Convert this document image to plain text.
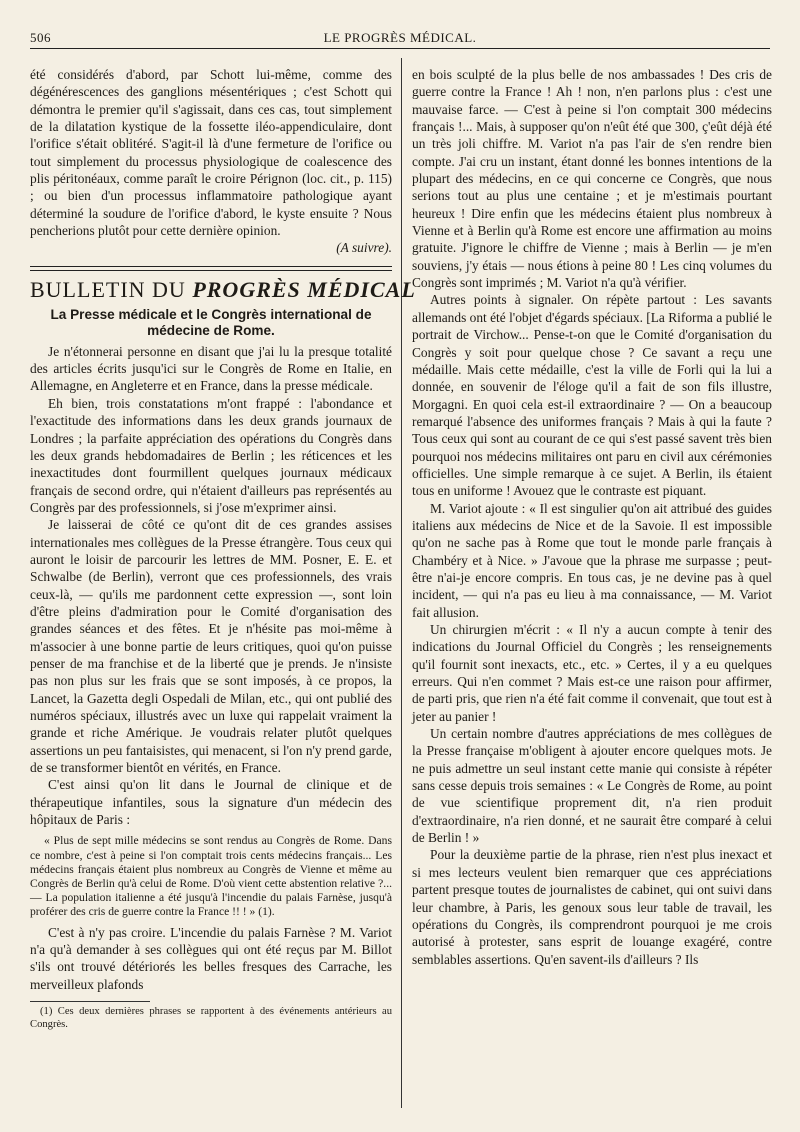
506	LE PROGRÈS MÉDICAL.

été considérés d'abord, par Schott lui-même, comme des dégénérescences des ganglions mésentériques ; c'est Schott qui démontra le premier qu'il s'agissait, dans ces cas, tout simplement de la dilatation kystique de la fossette iléo-appendiculaire, dont l'orifice s'était oblitéré. S'agit-il là d'une fermeture de l'orifice ou tout simplement du processus physiologique de coalescence des plis péritonéaux, comme paraît le croire Pérignon (loc. cit., p. 115) ; ou bien d'un processus inflammatoire pathologique ayant déterminé la soudure de l'orifice d'abord, le kyste ensuite ? Nous pencherions plutôt pour cette dernière opinion.

(A suivre).
BULLETIN DU PROGRÈS MÉDICAL
La Presse médicale et le Congrès international de médecine de Rome.

Je n'étonnerai personne en disant que j'ai lu la presque totalité des articles écrits jusqu'ici sur le Congrès de Rome en Italie, en Allemagne, en Angleterre et en France, dans la presse médicale.

Eh bien, trois constatations m'ont frappé : l'abondance et l'exactitude des informations dans les deux grands journaux de Londres ; la parfaite appréciation des opérations du Congrès dans les deux grands hebdomadaires de Berlin ; les réticences et les inexactitudes dont fourmillent quelques journaux médicaux français de second ordre, qui n'étaient d'ailleurs pas représentés au Congrès par des professionnels, si j'ose m'exprimer ainsi.

Je laisserai de côté ce qu'ont dit de ces grandes assises internationales mes collègues de la Presse étrangère. Tous ceux qui auront le loisir de parcourir les lettres de MM. Posner, E. E. et Schwalbe (de Berlin), verront que ces professionnels, des vrais ceux-là, — qu'ils me pardonnent cette expression —, sont loin d'être pleins d'admiration pour le Comité d'organisation des grandes séances et des fêtes. Et je n'hésite pas moi-même à m'associer à une bonne partie de leurs critiques, quoi qu'on puisse penser de ma franchise et de la liberté que je prends. Je n'insiste pas non plus sur les frais que se sont imposés, à ce propos, la Lancet, la Gazetta degli Ospedali de Milan, etc., qui ont publié des numéros spéciaux, illustrés avec un luxe qui rappelait vraiment la grande et riche Amérique. Je voudrais relater plutôt quelques assertions un peu fantaisistes, qui menacent, si l'on n'y prend garde, de se transformer bientôt en vérités, en France.

C'est ainsi qu'on lit dans le Journal de clinique et de thérapeutique infantiles, sous la signature d'un médecin des hôpitaux de Paris :

« Plus de sept mille médecins se sont rendus au Congrès de Rome. Dans ce nombre, c'est à peine si l'on comptait trois cents médecins français... Les médecins français étaient plus nombreux au Congrès de Vienne et même au Congrès de Berlin qu'à celui de Rome. D'où vient cette abstention relative ?... — La population italienne a été jusqu'à l'incendie du palais Farnèse, jusqu'à proférer des cris de guerre contre la France !! ! » (1).

C'est à n'y pas croire. L'incendie du palais Farnèse ? M. Variot n'a qu'à demander à ses collègues qui ont été reçus par M. Billot s'ils ont trouvé détériorés les belles fresques des Carrache, les merveilleux plafonds

(1) Ces deux dernières phrases se rapportent à des événements antérieurs au Congrès.

en bois sculpté de la plus belle de nos ambassades ! Des cris de guerre contre la France ! Ah ! non, n'en parlons plus : c'est une mauvaise farce. — C'est à peine si l'on comptait 300 médecins français !... Mais, à supposer qu'on n'eût été que 300, ç'eût déjà été un très joli chiffre. M. Variot n'a pas l'air de s'en rendre bien compte. J'ai cru un instant, étant donné les bonnes intentions de la plupart des médecins, en ce qui concerne ce Congrès, que nous serions tout au plus une centaine ; et je m'estimais pourtant heureux ! Dire enfin que les médecins étaient plus nombreux à Vienne et à Berlin qu'à Rome est encore une affirmation au moins gratuite. J'ignore le chiffre de Vienne ; mais à Berlin — je m'en souviens, j'y étais — nous étions à peine 80 ! Les cinq volumes du Congrès sont imprimés ; M. Variot n'a qu'à vérifier.

Autres points à signaler. On répète partout : Les savants allemands ont été l'objet d'égards spéciaux. [La Riforma a publié le portrait de Virchow... Pense-t-on que le Comité d'organisation du Congrès y soit pour quelque chose ? Ce savant a reçu une médaille. Mais cette médaille, c'est la ville de Forli qui la lui a donnée, en souvenir de l'éloge qu'il a fait de son fils illustre, Morgagni. En quoi cela est-il extraordinaire ? — On a beaucoup remarqué l'absence des uniformes français ? Mais à qui la faute ? Tous ceux qui sont au courant de ce qui s'est passé savent très bien pourquoi nos médecins militaires ont paru en civil aux cérémonies officielles. Une simple remarque à ce sujet. A Berlin, ils étaient tous en uniforme ! Avouez que le contraste est piquant.

M. Variot ajoute : « Il est singulier qu'on ait attribué des guides italiens aux médecins de Nice et de la Savoie. Il est impossible qu'on ne sache pas à Rome que tout le monde parle français à Chambéry et à Nice. » J'avoue que la phrase me surpasse ; peut-être n'ai-je encore compris. En tous cas, je ne devine pas à quel incident, — qui n'a pas eu lieu à ma connaissance, — M. Variot fait allusion.

Un chirurgien m'écrit : « Il n'y a aucun compte à tenir des indications du Journal Officiel du Congrès ; les renseignements qu'il fournit sont inexacts, etc., etc. » Certes, il y a eu quelques erreurs. Qui n'en commet ? Mais est-ce une raison pour affirmer, de parti pris, que rien n'a été fait comme il convenait, que tout est à jeter au panier !

Un certain nombre d'autres appréciations de mes collègues de la Presse française m'obligent à ajouter encore quelques mots. Je ne puis admettre un seul instant cette manie qui consiste à répéter sans cesse depuis trois semaines : « Le Congrès de Rome, au point de vue scientifique proprement dit, n'a rien produit d'extraordinaire, n'a rien donné, et ne saurait être comparé à celui de Berlin ! »

Pour la deuxième partie de la phrase, rien n'est plus inexact et si mes lecteurs veulent bien remarquer que ces appréciations partent presque toutes de journalistes de cabinet, qui ont suivi dans leur chambre, à Paris, les genoux sous leur table de travail, les opérations du Congrès, ils comprendront pourquoi je me crois autorisé à protester, sans esprit de louange exagéré, contre semblables assertions. Qu'en savent-ils d'ailleurs ? Ils
